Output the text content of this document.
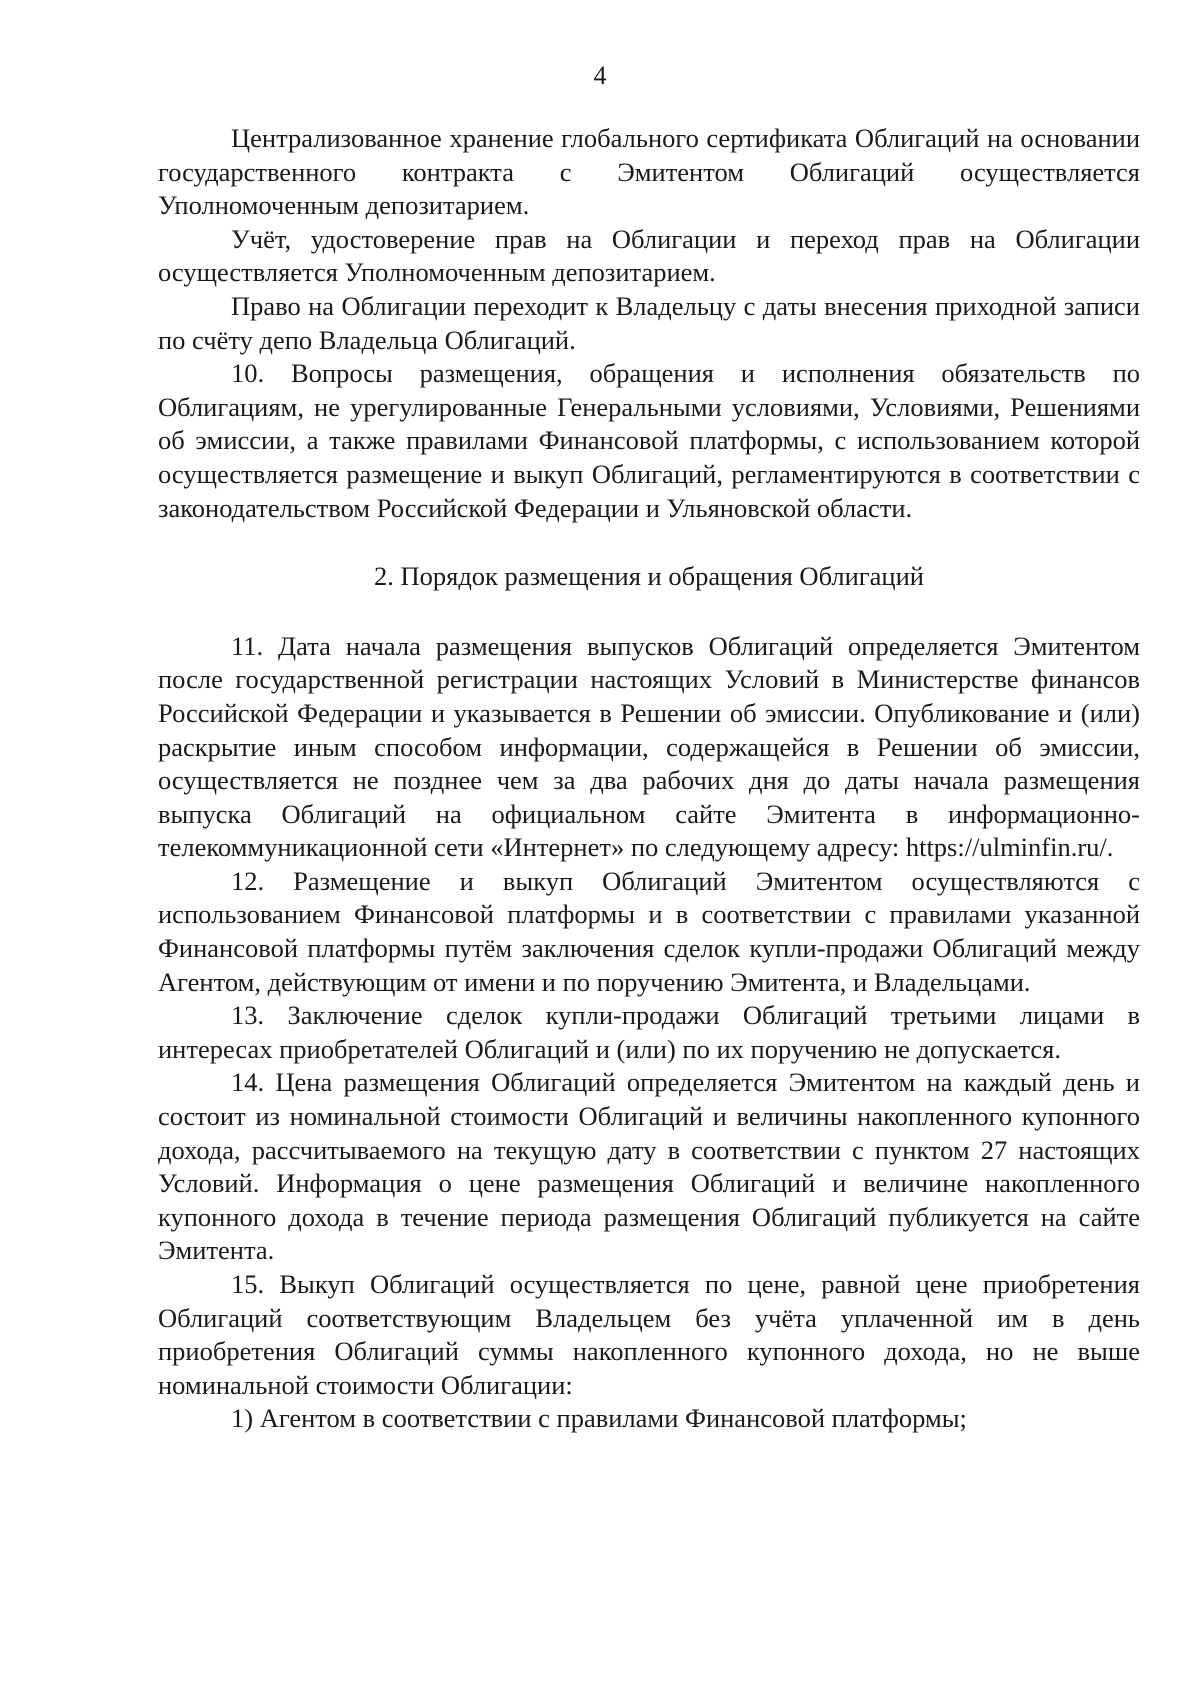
4

Централизованное хранение глобального сертификата Облигаций на основании государственного контракта с Эмитентом Облигаций осуществляется Уполномоченным депозитарием.

Учёт, удостоверение прав на Облигации и переход прав на Облигации осуществляется Уполномоченным депозитарием.

Право на Облигации переходит к Владельцу с даты внесения приходной записи по счёту депо Владельца Облигаций.

10. Вопросы размещения, обращения и исполнения обязательств по Облигациям, не урегулированные Генеральными условиями, Условиями, Решениями об эмиссии, а также правилами Финансовой платформы, с использованием которой осуществляется размещение и выкуп Облигаций, регламентируются в соответствии с законодательством Российской Федерации и Ульяновской области.

2. Порядок размещения и обращения Облигаций

11. Дата начала размещения выпусков Облигаций определяется Эмитентом после государственной регистрации настоящих Условий в Министерстве финансов Российской Федерации и указывается в Решении об эмиссии. Опубликование и (или) раскрытие иным способом информации, содержащейся в Решении об эмиссии, осуществляется не позднее чем за два рабочих дня до даты начала размещения выпуска Облигаций на официальном сайте Эмитента в информационно-телекоммуникационной сети «Интернет» по следующему адресу: https://ulminfin.ru/.

12. Размещение и выкуп Облигаций Эмитентом осуществляются с использованием Финансовой платформы и в соответствии с правилами указанной Финансовой платформы путём заключения сделок купли-продажи Облигаций между Агентом, действующим от имени и по поручению Эмитента, и Владельцами.

13. Заключение сделок купли-продажи Облигаций третьими лицами в интересах приобретателей Облигаций и (или) по их поручению не допускается.

14. Цена размещения Облигаций определяется Эмитентом на каждый день и состоит из номинальной стоимости Облигаций и величины накопленного купонного дохода, рассчитываемого на текущую дату в соответствии с пунктом 27 настоящих Условий. Информация о цене размещения Облигаций и величине накопленного купонного дохода в течение периода размещения Облигаций публикуется на сайте Эмитента.

15. Выкуп Облигаций осуществляется по цене, равной цене приобретения Облигаций соответствующим Владельцем без учёта уплаченной им в день приобретения Облигаций суммы накопленного купонного дохода, но не выше номинальной стоимости Облигации:

1) Агентом в соответствии с правилами Финансовой платформы;
